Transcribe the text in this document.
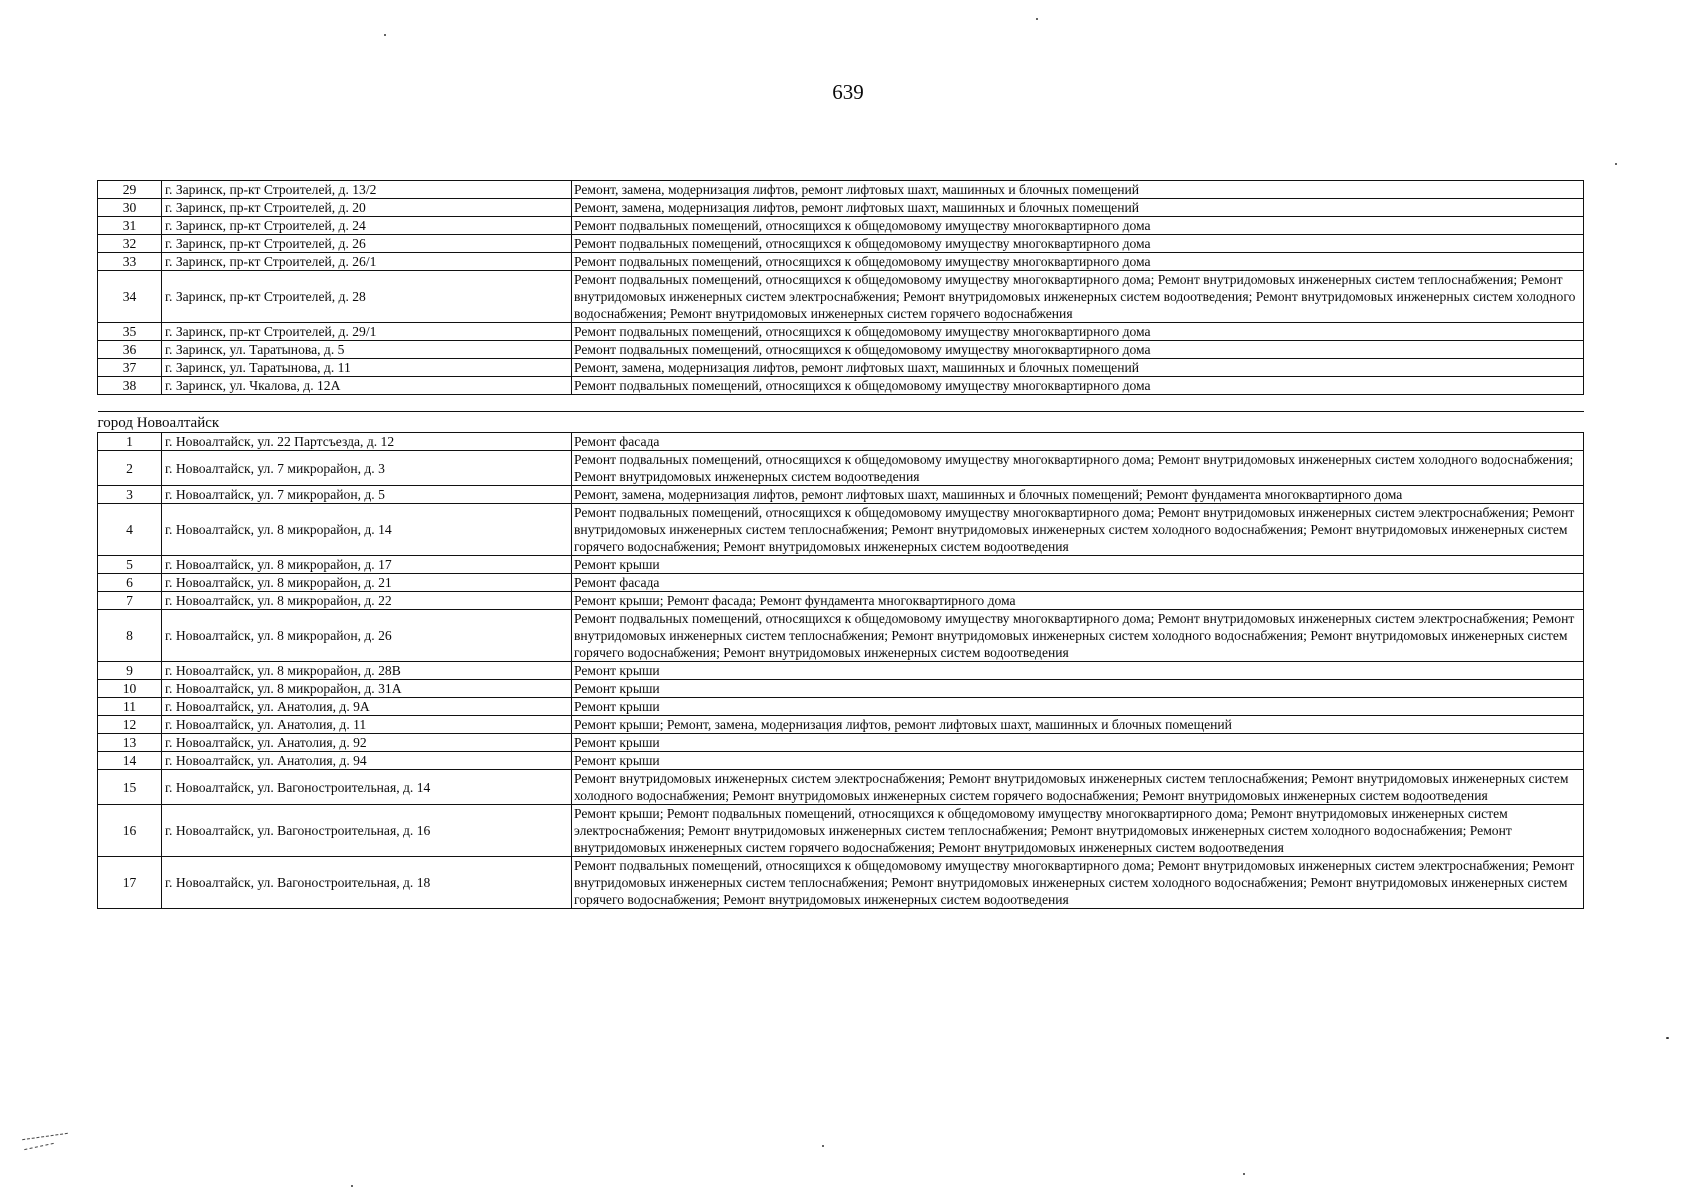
639
29	г. Заринск, пр-кт Строителей, д. 13/2	Ремонт, замена, модернизация лифтов, ремонт лифтовых шахт, машинных и блочных помещений
30	г. Заринск, пр-кт Строителей, д. 20	Ремонт, замена, модернизация лифтов, ремонт лифтовых шахт, машинных и блочных помещений
31	г. Заринск, пр-кт Строителей, д. 24	Ремонт подвальных помещений, относящихся к общедомовому имуществу многоквартирного дома
32	г. Заринск, пр-кт Строителей, д. 26	Ремонт подвальных помещений, относящихся к общедомовому имуществу многоквартирного дома
33	г. Заринск, пр-кт Строителей, д. 26/1	Ремонт подвальных помещений, относящихся к общедомовому имуществу многоквартирного дома
34	г. Заринск, пр-кт Строителей, д. 28	Ремонт подвальных помещений, относящихся к общедомовому имуществу многоквартирного дома; Ремонт внутридомовых инженерных систем теплоснабжения; Ремонт внутридомовых инженерных систем электроснабжения; Ремонт внутридомовых инженерных систем водоотведения; Ремонт внутридомовых инженерных систем холодного водоснабжения; Ремонт внутридомовых инженерных систем горячего водоснабжения
35	г. Заринск, пр-кт Строителей, д. 29/1	Ремонт подвальных помещений, относящихся к общедомовому имуществу многоквартирного дома
36	г. Заринск, ул. Таратынова, д. 5	Ремонт подвальных помещений, относящихся к общедомовому имуществу многоквартирного дома
37	г. Заринск, ул. Таратынова, д. 11	Ремонт, замена, модернизация лифтов, ремонт лифтовых шахт, машинных и блочных помещений
38	г. Заринск, ул. Чкалова, д. 12А	Ремонт подвальных помещений, относящихся к общедомовому имуществу многоквартирного дома

город Новоалтайск		
1	г. Новоалтайск, ул. 22 Партсъезда, д. 12	Ремонт фасада
2	г. Новоалтайск, ул. 7 микрорайон, д. 3	Ремонт подвальных помещений, относящихся к общедомовому имуществу многоквартирного дома; Ремонт внутридомовых инженерных систем холодного водоснабжения; Ремонт внутридомовых инженерных систем водоотведения
3	г. Новоалтайск, ул. 7 микрорайон, д. 5	Ремонт, замена, модернизация лифтов, ремонт лифтовых шахт, машинных и блочных помещений; Ремонт фундамента многоквартирного дома
4	г. Новоалтайск, ул. 8 микрорайон, д. 14	Ремонт подвальных помещений, относящихся к общедомовому имуществу многоквартирного дома; Ремонт внутридомовых инженерных систем электроснабжения; Ремонт внутридомовых инженерных систем теплоснабжения; Ремонт внутридомовых инженерных систем холодного водоснабжения; Ремонт внутридомовых инженерных систем горячего водоснабжения; Ремонт внутридомовых инженерных систем водоотведения
5	г. Новоалтайск, ул. 8 микрорайон, д. 17	Ремонт крыши
6	г. Новоалтайск, ул. 8 микрорайон, д. 21	Ремонт фасада
7	г. Новоалтайск, ул. 8 микрорайон, д. 22	Ремонт крыши; Ремонт фасада; Ремонт фундамента многоквартирного дома
8	г. Новоалтайск, ул. 8 микрорайон, д. 26	Ремонт подвальных помещений, относящихся к общедомовому имуществу многоквартирного дома; Ремонт внутридомовых инженерных систем электроснабжения; Ремонт внутридомовых инженерных систем теплоснабжения; Ремонт внутридомовых инженерных систем холодного водоснабжения; Ремонт внутридомовых инженерных систем горячего водоснабжения; Ремонт внутридомовых инженерных систем водоотведения
9	г. Новоалтайск, ул. 8 микрорайон, д. 28В	Ремонт крыши
10	г. Новоалтайск, ул. 8 микрорайон, д. 31А	Ремонт крыши
11	г. Новоалтайск, ул. Анатолия, д. 9А	Ремонт крыши
12	г. Новоалтайск, ул. Анатолия, д. 11	Ремонт крыши; Ремонт, замена, модернизация лифтов, ремонт лифтовых шахт, машинных и блочных помещений
13	г. Новоалтайск, ул. Анатолия, д. 92	Ремонт крыши
14	г. Новоалтайск, ул. Анатолия, д. 94	Ремонт крыши
15	г. Новоалтайск, ул. Вагоностроительная, д. 14	Ремонт внутридомовых инженерных систем электроснабжения; Ремонт внутридомовых инженерных систем теплоснабжения; Ремонт внутридомовых инженерных систем холодного водоснабжения; Ремонт внутридомовых инженерных систем горячего водоснабжения; Ремонт внутридомовых инженерных систем водоотведения
16	г. Новоалтайск, ул. Вагоностроительная, д. 16	Ремонт крыши; Ремонт подвальных помещений, относящихся к общедомовому имуществу многоквартирного дома; Ремонт внутридомовых инженерных систем электроснабжения; Ремонт внутридомовых инженерных систем теплоснабжения; Ремонт внутридомовых инженерных систем холодного водоснабжения; Ремонт внутридомовых инженерных систем горячего водоснабжения; Ремонт внутридомовых инженерных систем водоотведения
17	г. Новоалтайск, ул. Вагоностроительная, д. 18	Ремонт подвальных помещений, относящихся к общедомовому имуществу многоквартирного дома; Ремонт внутридомовых инженерных систем электроснабжения; Ремонт внутридомовых инженерных систем теплоснабжения; Ремонт внутридомовых инженерных систем холодного водоснабжения; Ремонт внутридомовых инженерных систем горячего водоснабжения; Ремонт внутридомовых инженерных систем водоотведения
